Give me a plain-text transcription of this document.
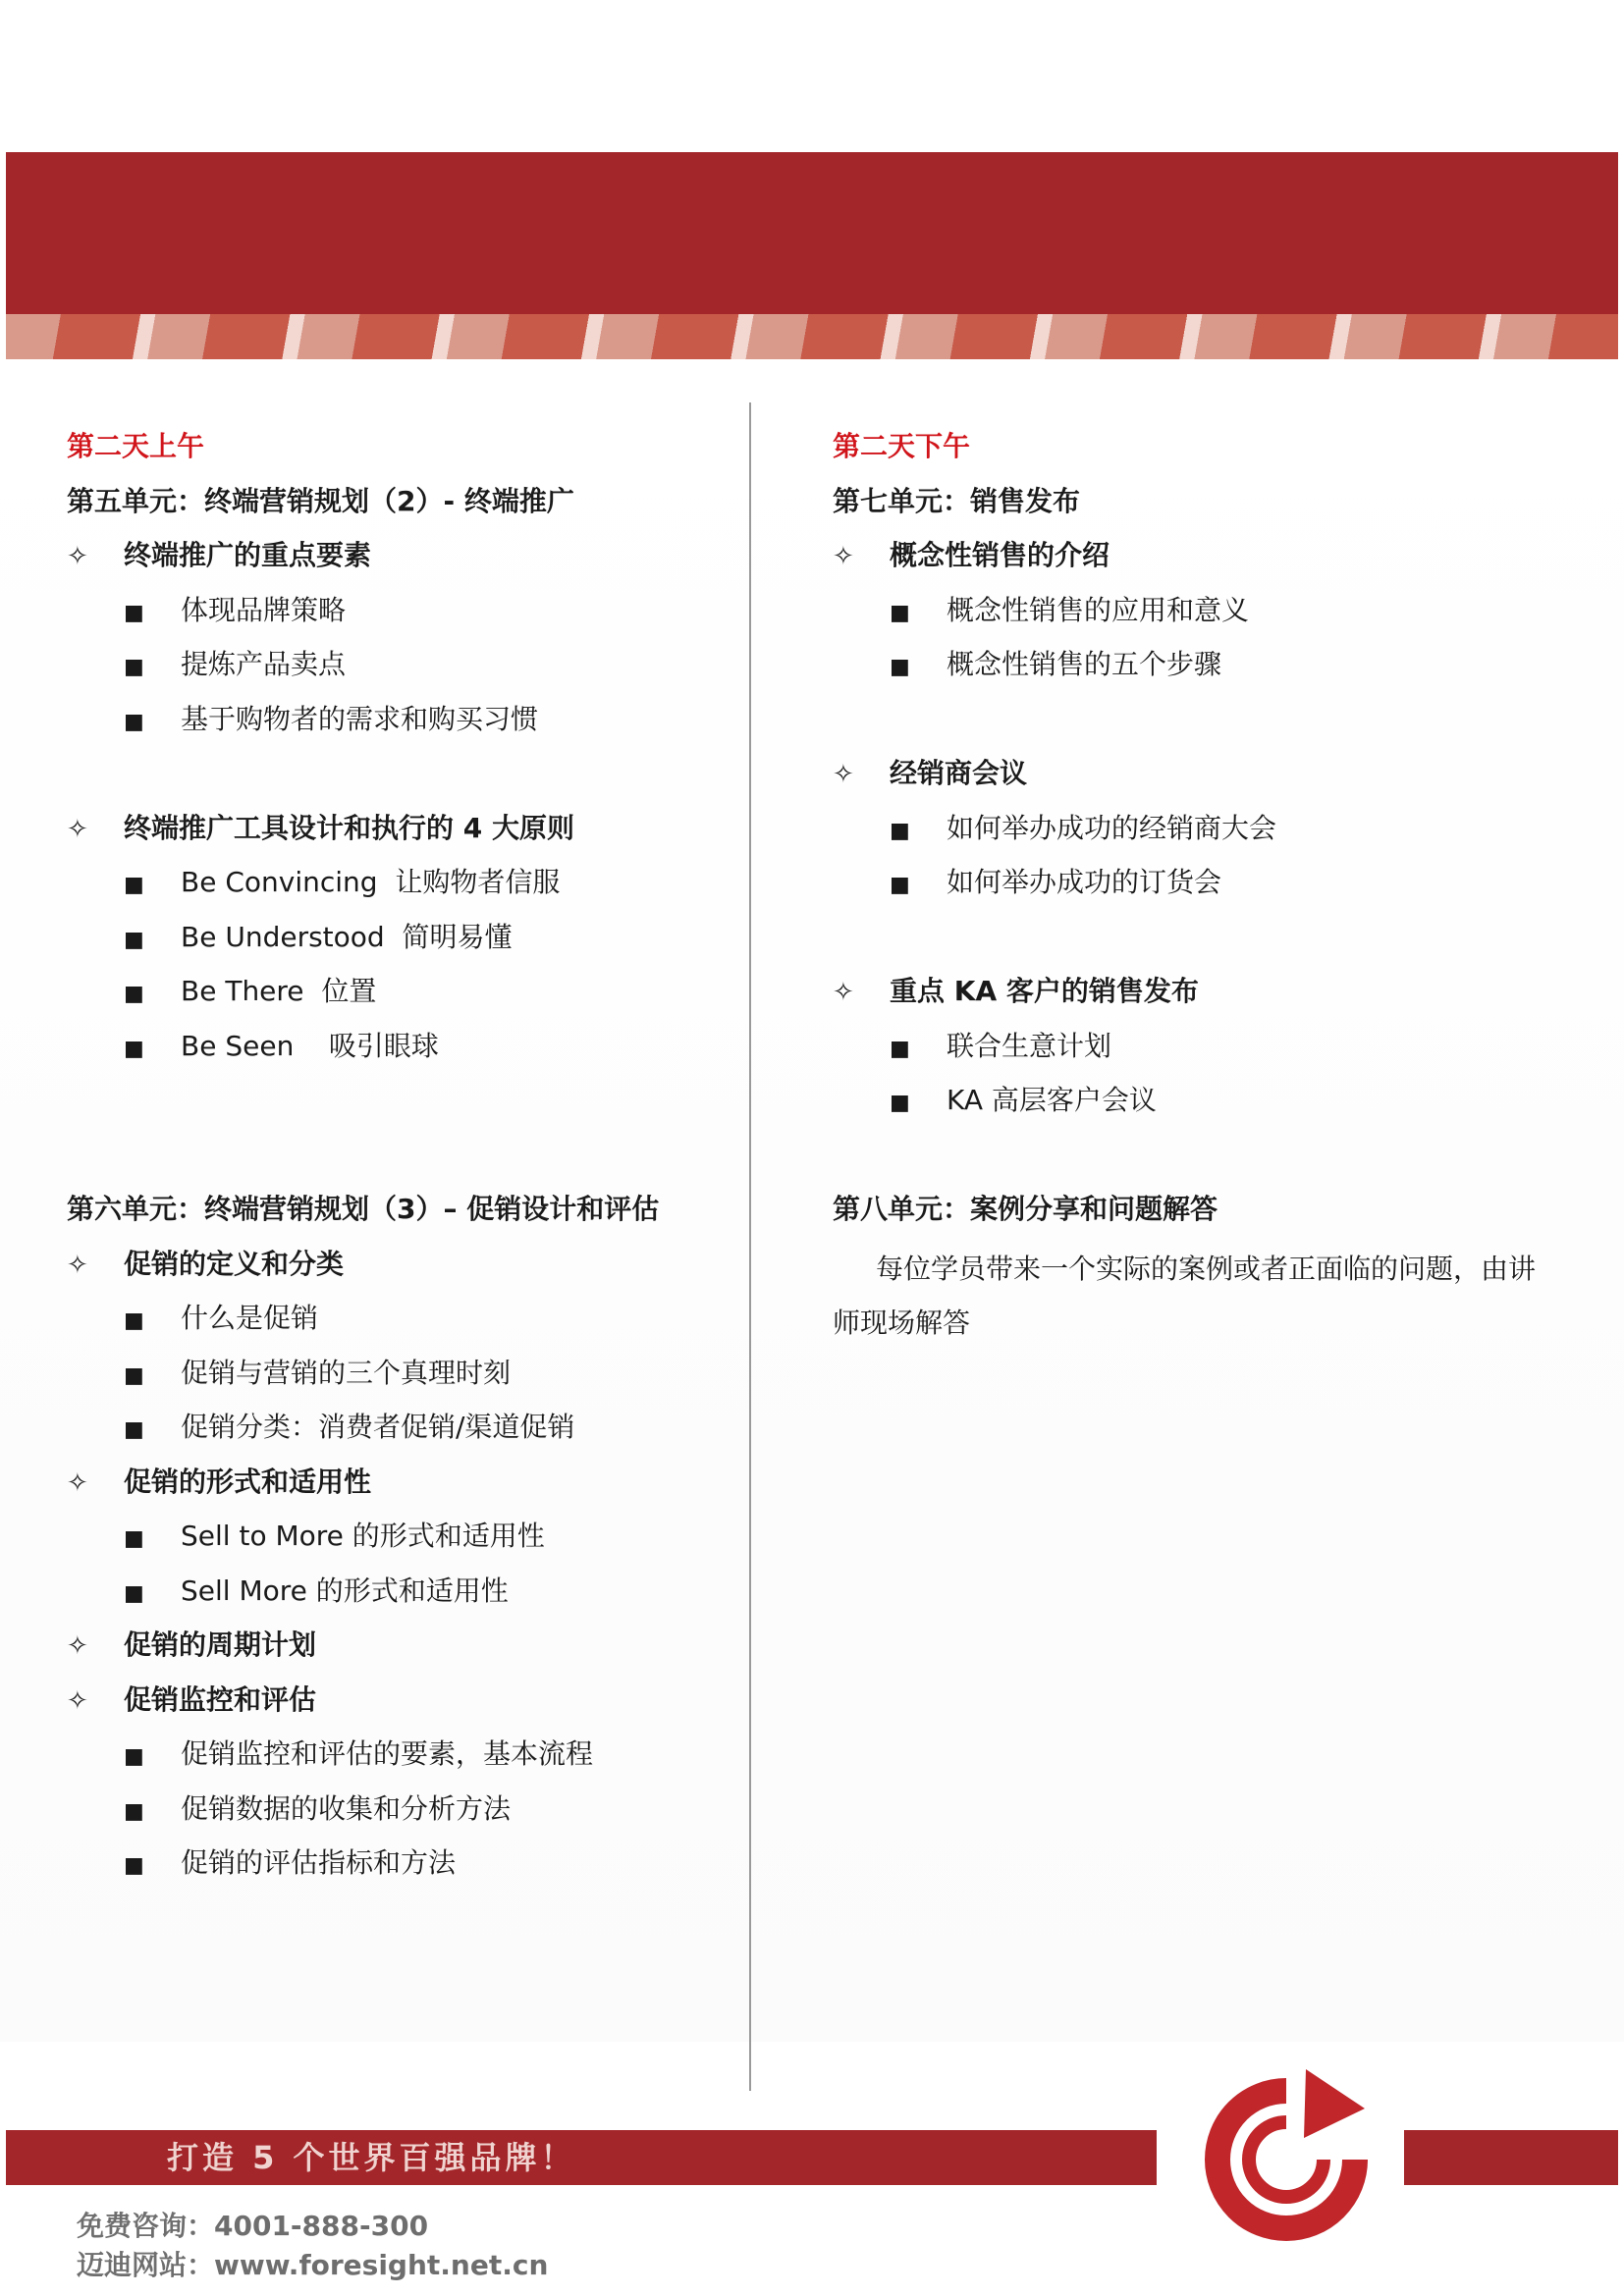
第二天上午
第五单元：终端营销规划（2）- 终端推广
✧ 终端推广的重点要素
■ 体现品牌策略
■ 提炼产品卖点
■ 基于购物者的需求和购买习惯
✧ 终端推广工具设计和执行的 4 大原则
■ Be Convincing  让购物者信服
■ Be Understood  简明易懂
■ Be There  位置
■ Be Seen    吸引眼球
第六单元：终端营销规划（3）– 促销设计和评估
✧ 促销的定义和分类
■ 什么是促销
■ 促销与营销的三个真理时刻
■ 促销分类：消费者促销/渠道促销
✧ 促销的形式和适用性
■ Sell to More 的形式和适用性
■ Sell More 的形式和适用性
✧ 促销的周期计划
✧ 促销监控和评估
■ 促销监控和评估的要素，基本流程
■ 促销数据的收集和分析方法
■ 促销的评估指标和方法
第二天下午
第七单元：销售发布
✧ 概念性销售的介绍
■ 概念性销售的应用和意义
■ 概念性销售的五个步骤
✧ 经销商会议
■ 如何举办成功的经销商大会
■ 如何举办成功的订货会
✧ 重点 KA 客户的销售发布
■ 联合生意计划
■ KA 高层客户会议
第八单元：案例分享和问题解答
每位学员带来一个实际的案例或者正面临的问题，由讲师现场解答
打造 5 个世界百强品牌！
免费咨询：4001-888-300
迈迪网站：www.foresight.net.cn
